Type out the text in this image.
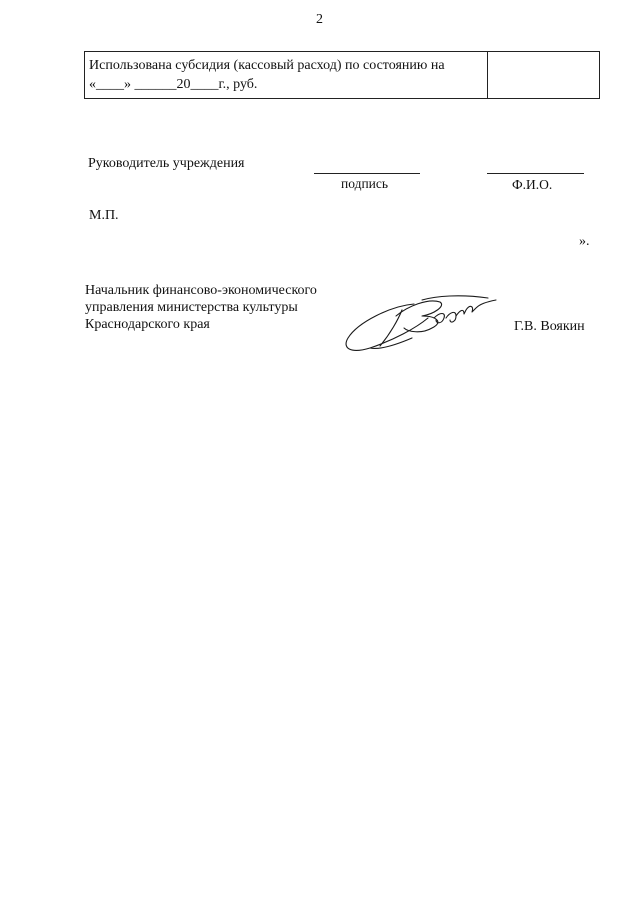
2
Использована субсидия (кассовый расход) по состоянию на
«____» ______20____г., руб.
Руководитель учреждения
подпись	Ф.И.О.
М.П.
».
Начальник финансово-экономического
управления министерства культуры
Краснодарского края	Г.В. Воякин
